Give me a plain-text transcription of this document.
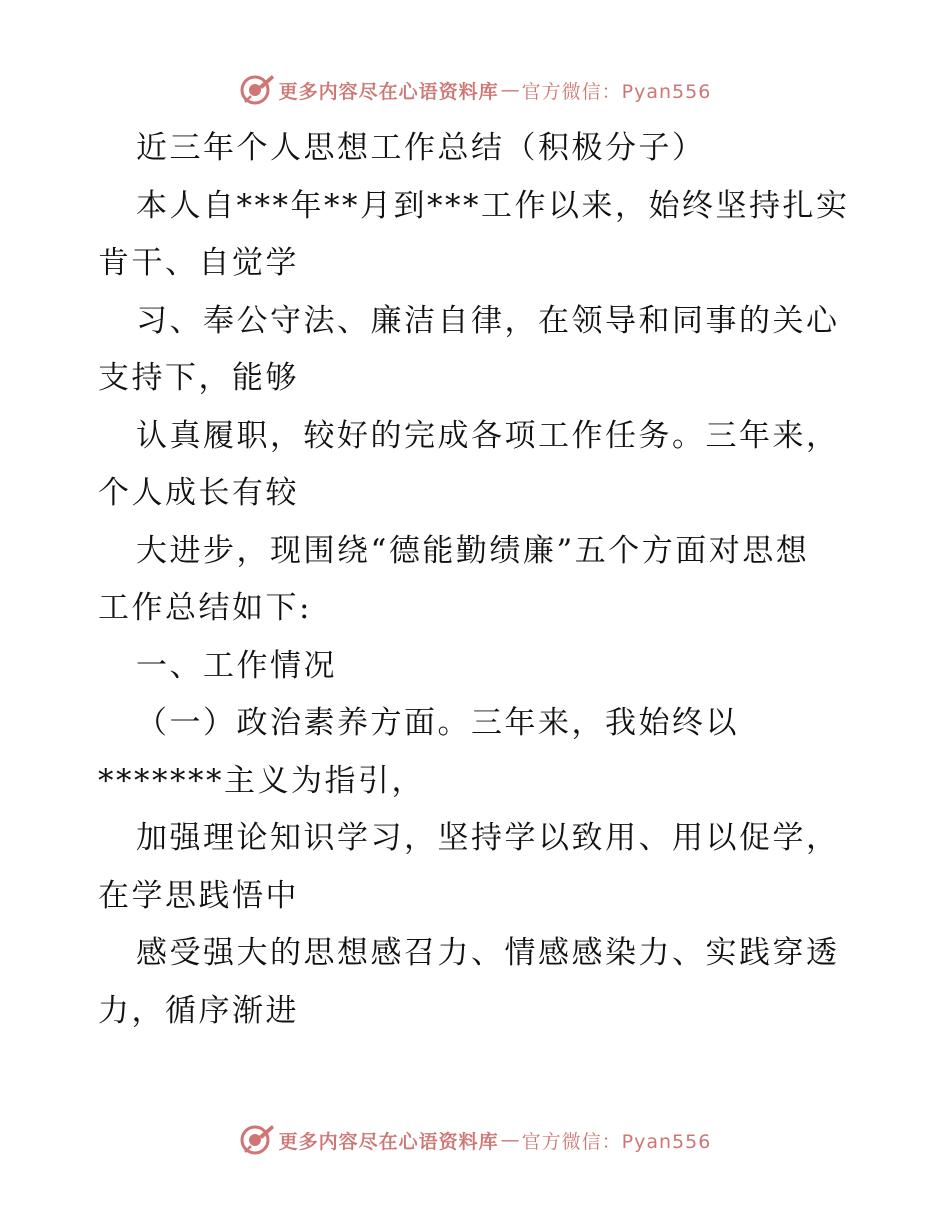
更多内容尽在心语资料库 — 官方微信：Pyan556
近三年个人思想工作总结（积极分子）
本人自***年**月到***工作以来，始终坚持扎实
肯干、自觉学
习、奉公守法、廉洁自律，在领导和同事的关心
支持下，能够
认真履职，较好的完成各项工作任务。三年来，
个人成长有较
大进步，现围绕“德能勤绩廉”五个方面对思想
工作总结如下:
一、工作情况
（一）政治素养方面。三年来，我始终以
*******主义为指引，
加强理论知识学习，坚持学以致用、用以促学，
在学思践悟中
感受强大的思想感召力、情感感染力、实践穿透
力，循序渐进
更多内容尽在心语资料库 — 官方微信：Pyan556
